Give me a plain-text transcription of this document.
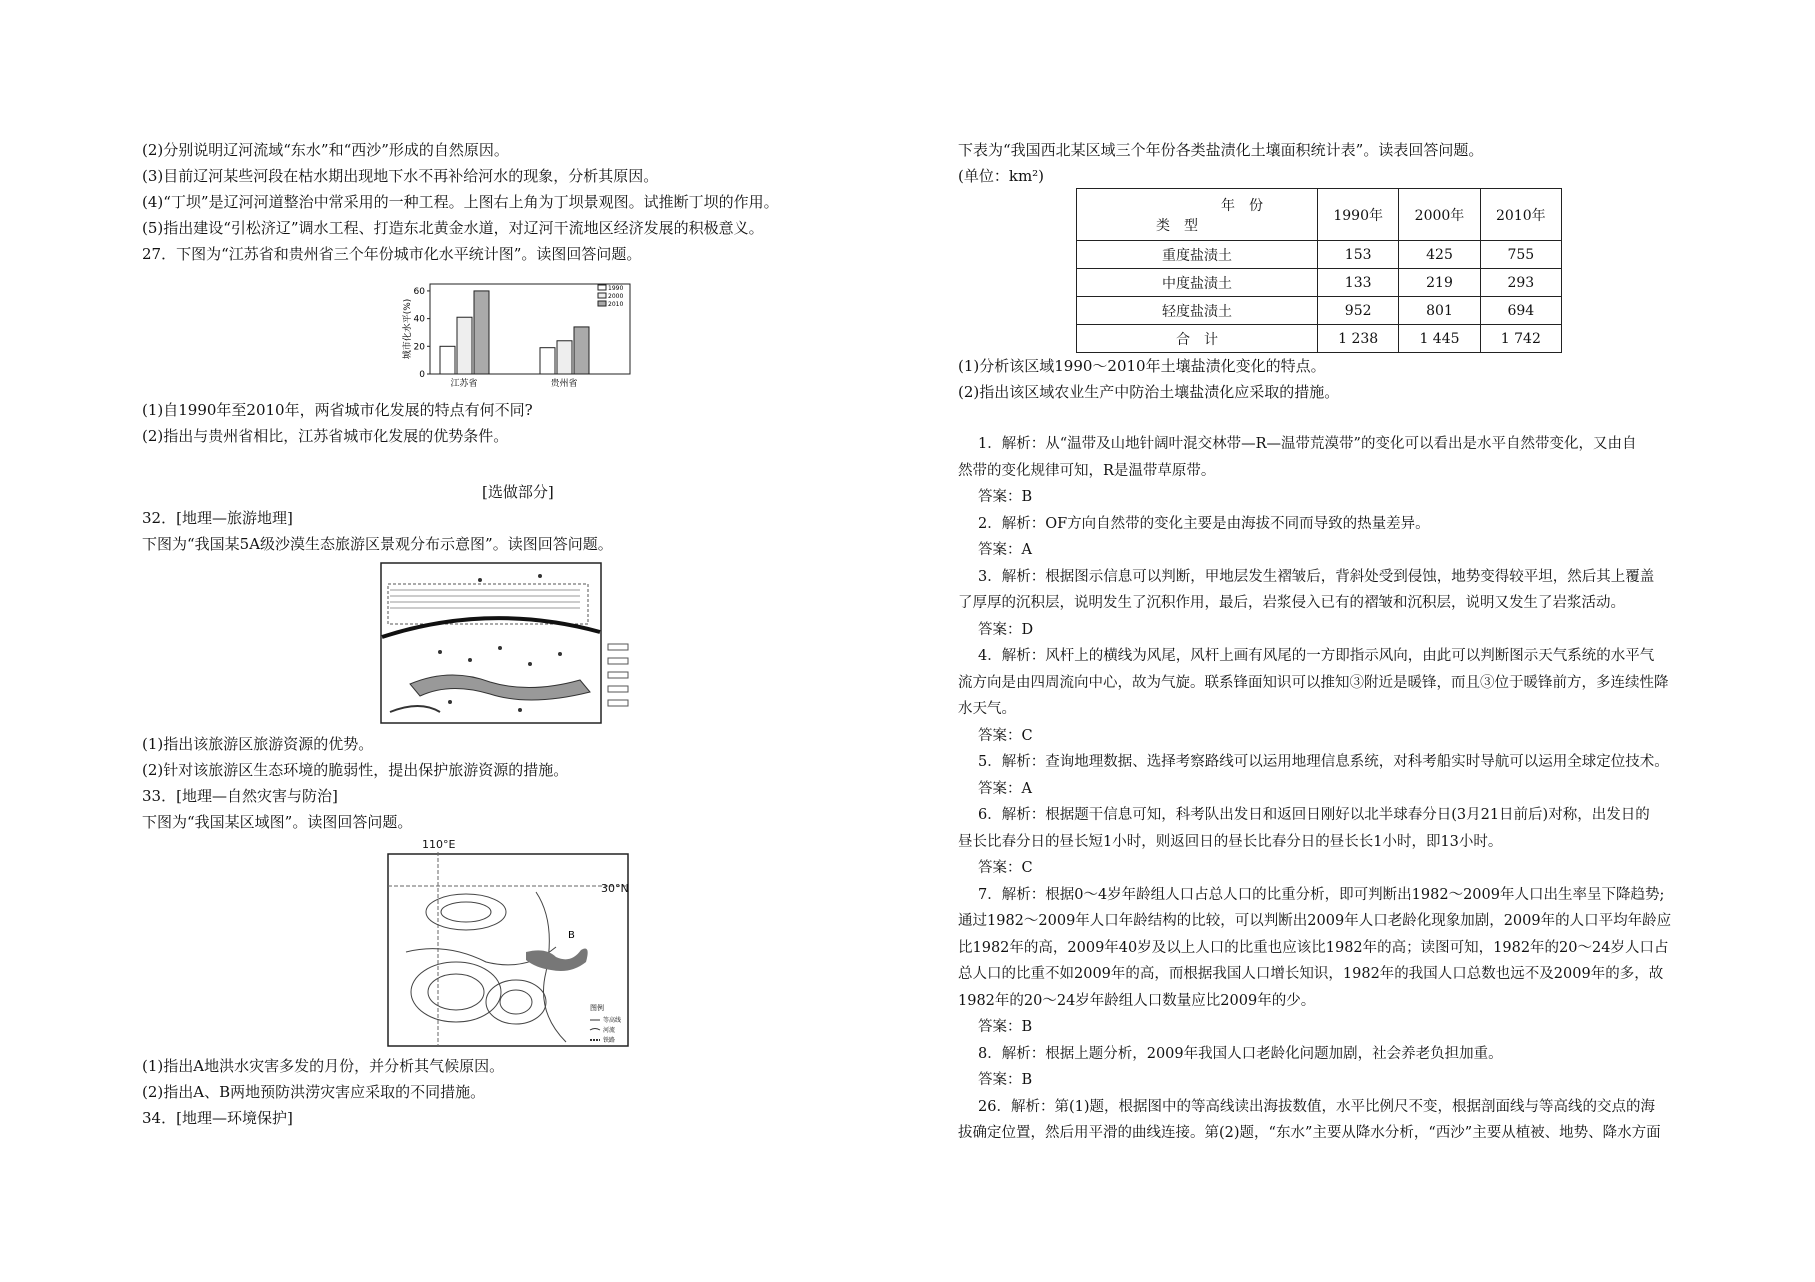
(2)分别说明辽河流域“东水”和“西沙”形成的自然原因。
(3)目前辽河某些河段在枯水期出现地下水不再补给河水的现象，分析其原因。
(4)“丁坝”是辽河河道整治中常采用的一种工程。上图右上角为丁坝景观图。试推断丁坝的作用。
(5)指出建设“引松济辽”调水工程、打造东北黄金水道，对辽河干流地区经济发展的积极意义。
27．下图为“江苏省和贵州省三个年份城市化水平统计图”。读图回答问题。
0
20
40
60
城市化水平(%)
江苏省	贵州省
1990
2000
2010
(1)自1990年至2010年，两省城市化发展的特点有何不同?
(2)指出与贵州省相比，江苏省城市化发展的优势条件。
[选做部分]
32．[地理—旅游地理]
下图为“我国某5A级沙漠生态旅游区景观分布示意图”。读图回答问题。
(1)指出该旅游区旅游资源的优势。
(2)针对该旅游区生态环境的脆弱性，提出保护旅游资源的措施。
33．[地理—自然灾害与防治]
下图为“我国某区域图”。读图回答问题。
110°E
B
图例
等高线
河流
铁路
30°N
(1)指出A地洪水灾害多发的月份，并分析其气候原因。
(2)指出A、B两地预防洪涝灾害应采取的不同措施。
34．[地理—环境保护]
下表为“我国西北某区域三个年份各类盐渍化土壤面积统计表”。读表回答问题。
(单位：km²)
年　份
类　型	1990年	2000年	2010年
重度盐渍土	153	425	755
中度盐渍土	133	219	293
轻度盐渍土	952	801	694
合　计	1 238	1 445	1 742
(1)分析该区域1990～2010年土壤盐渍化变化的特点。
(2)指出该区域农业生产中防治土壤盐渍化应采取的措施。
1．解析：从“温带及山地针阔叶混交林带—R—温带荒漠带”的变化可以看出是水平自然带变化，又由自
然带的变化规律可知，R是温带草原带。
答案：B
2．解析：OF方向自然带的变化主要是由海拔不同而导致的热量差异。
答案：A
3．解析：根据图示信息可以判断，甲地层发生褶皱后，背斜处受到侵蚀，地势变得较平坦，然后其上覆盖
了厚厚的沉积层，说明发生了沉积作用，最后，岩浆侵入已有的褶皱和沉积层，说明又发生了岩浆活动。
答案：D
4．解析：风杆上的横线为风尾，风杆上画有风尾的一方即指示风向，由此可以判断图示天气系统的水平气
流方向是由四周流向中心，故为气旋。联系锋面知识可以推知③附近是暖锋，而且③位于暖锋前方，多连续性降
水天气。
答案：C
5．解析：查询地理数据、选择考察路线可以运用地理信息系统，对科考船实时导航可以运用全球定位技术。
答案：A
6．解析：根据题干信息可知，科考队出发日和返回日刚好以北半球春分日(3月21日前后)对称，出发日的
昼长比春分日的昼长短1小时，则返回日的昼长比春分日的昼长长1小时，即13小时。
答案：C
7．解析：根据0～4岁年龄组人口占总人口的比重分析，即可判断出1982～2009年人口出生率呈下降趋势;
通过1982～2009年人口年龄结构的比较，可以判断出2009年人口老龄化现象加剧，2009年的人口平均年龄应
比1982年的高，2009年40岁及以上人口的比重也应该比1982年的高；读图可知，1982年的20～24岁人口占
总人口的比重不如2009年的高，而根据我国人口增长知识，1982年的我国人口总数也远不及2009年的多，故
1982年的20～24岁年龄组人口数量应比2009年的少。
答案：B
8．解析：根据上题分析，2009年我国人口老龄化问题加剧，社会养老负担加重。
答案：B
26．解析：第(1)题，根据图中的等高线读出海拔数值，水平比例尺不变，根据剖面线与等高线的交点的海
拔确定位置，然后用平滑的曲线连接。第(2)题，“东水”主要从降水分析，“西沙”主要从植被、地势、降水方面
